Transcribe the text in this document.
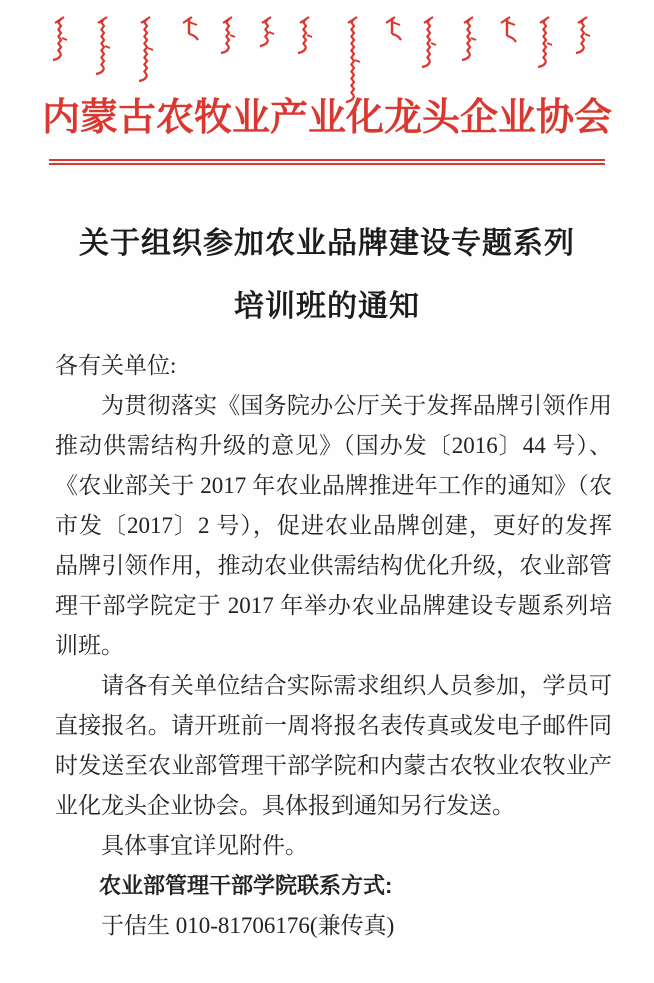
内蒙古农牧业产业化龙头企业协会
关于组织参加农业品牌建设专题系列
培训班的通知

各有关单位:

为贯彻落实《国务院办公厅关于发挥品牌引领作用推动供需结构升级的意见》（国办发〔2016〕44 号）、《农业部关于 2017 年农业品牌推进年工作的通知》（农市发〔2017〕2 号），促进农业品牌创建，更好的发挥品牌引领作用，推动农业供需结构优化升级，农业部管理干部学院定于 2017 年举办农业品牌建设专题系列培训班。

请各有关单位结合实际需求组织人员参加，学员可直接报名。请开班前一周将报名表传真或发电子邮件同时发送至农业部管理干部学院和内蒙古农牧业农牧业产业化龙头企业协会。具体报到通知另行发送。

具体事宜详见附件。

农业部管理干部学院联系方式:

于佶生 010-81706176(兼传真)
